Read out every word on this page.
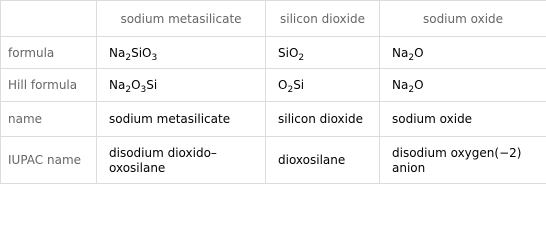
	sodium metasilicate	silicon dioxide	sodium oxide
formula	$Na_2SiO_3$	SiO$_2$	$Na_2O$
Hill formula	$Na_2O_3Si$	$O_2Si$	$Na_2O$
name	sodium metasilicate	silicon dioxide	sodium oxide
IUPAC name	disodium dioxido–oxosilane	dioxosilane	disodium oxygen(−2) anion
